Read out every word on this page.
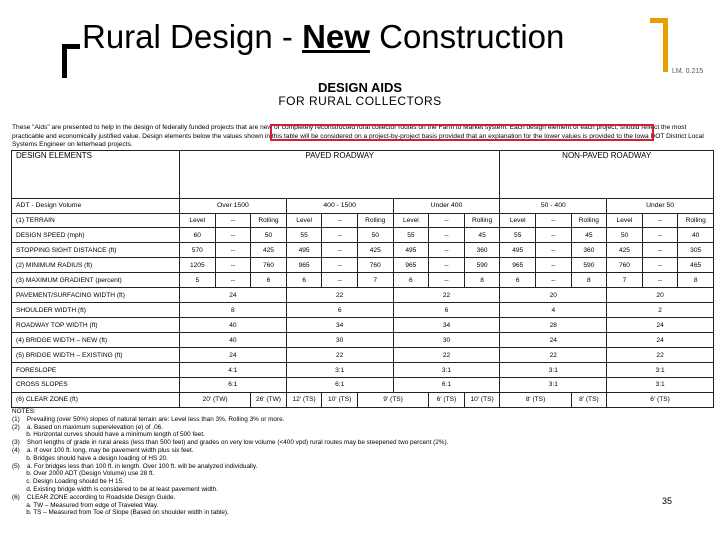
Rural Design - New Construction
LM. 0.215
DESIGN AIDS
FOR RURAL COLLECTORS
These "Aids" are presented to help in the design of federally funded projects that are new or completely reconstructed rural collector routes on the Farm to Market system. Each design element of each project, should reflect the most practicable and economically justified value. Design elements below the values shown in this table will be considered on a project-by-project basis provided that an explanation for the lower values is provided to the Iowa DOT District Local Systems Engineer on letterhead projects.
DESIGN ELEMENTS	PAVED ROADWAY									NON-PAVED ROADWAY					
ADT - Design Volume	Over 1500			400 - 1500			Under 400			50 - 400			Under 50		
(1) TERRAIN	Level	--	Rolling	Level	--	Rolling	Level	--	Rolling	Level	--	Rolling	Level	--	Rolling
DESIGN SPEED (mph)	60	--	50	55	--	50	55	--	45	55	--	45	50	--	40
STOPPING SIGHT DISTANCE (ft)	570	--	425	495	--	425	495	--	360	495	--	360	425	--	305
(2) MINIMUM RADIUS (ft)	1205	--	760	965	--	760	965	--	590	965	--	590	760	--	465
(3) MAXIMUM GRADIENT (percent)	5	--	6	6	--	7	6	--	8	6	--	8	7	--	8
PAVEMENT/SURFACING WIDTH (ft)	24			22			22			20			20		
SHOULDER WIDTH (ft)	8			6			6			4			2		
ROADWAY TOP WIDTH (ft)	40			34			34			28			24		
(4) BRIDGE WIDTH – NEW (ft)	40			30			30			24			24		
(5) BRIDGE WIDTH – EXISTING (ft)	24			22			22			22			22		
FORESLOPE	4:1			3:1			3:1			3:1			3:1		
CROSS SLOPES	6:1			6:1			6:1			3:1			3:1		
(6) CLEAR ZONE (ft)	20' (TW)		26' (TW)	12' (TS)	10' (TS)	9' (TS)		6' (TS)	10' (TS)	8' (TS)		8' (TS)	6' (TS)		
NOTES:
(1)    Prevailing (over 50%) slopes of natural terrain are: Level less than 3%, Rolling 3% or more.
(2)    a. Based on maximum superelevation (e) of .06.
b. Horizontal curves should have a minimum length of 500 feet.
(3)    Short lengths of grade in rural areas (less than 500 feet) and grades on very low volume (<400 vpd) rural routes may be steepened two percent (2%).
(4)    a. If over 100 ft. long, may be pavement width plus six feet.
b. Bridges should have a design loading of HS 20.
(5)    a. For bridges less than 100 ft. in length. Over 100 ft. will be analyzed individually.
b. Over 2000 ADT (Design Volume) use 28 ft.
c. Design Loading should be H 15.
d. Existing bridge width is considered to be at least pavement width.
(6)    CLEAR ZONE according to Roadside Design Guide.
a. TW – Measured from edge of Traveled Way.
b. TS – Measured from Toe of Slope (Based on shoulder width in table).
35
